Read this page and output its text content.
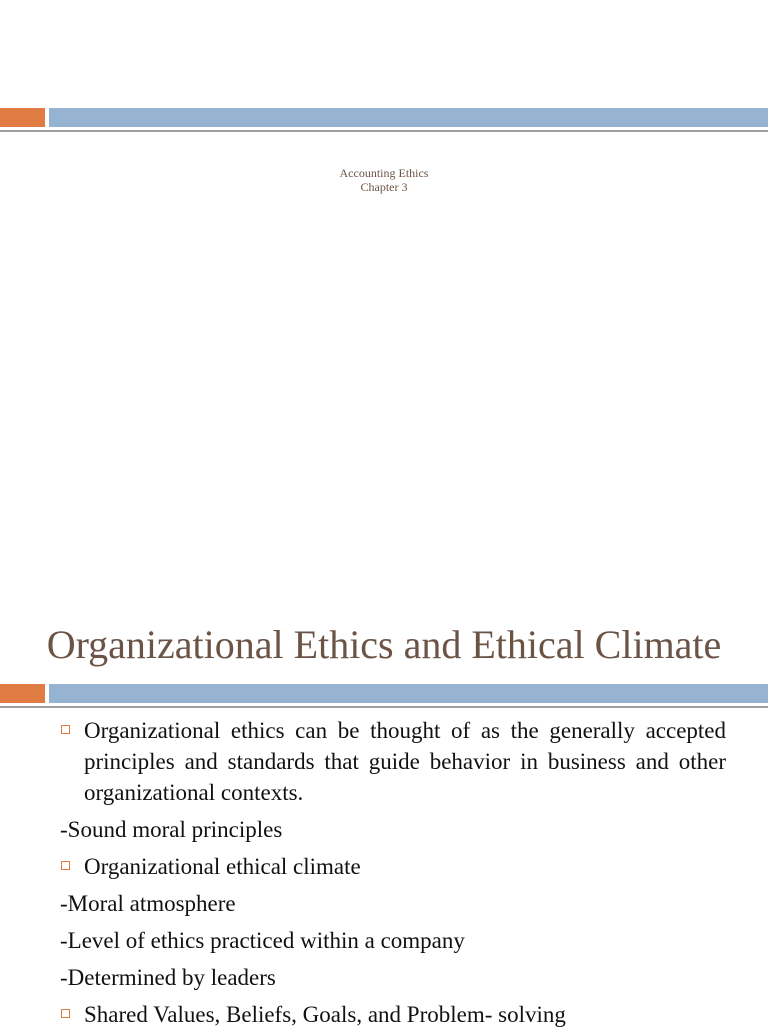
Accounting Ethics
Chapter 3
Organizational Ethics and Ethical Climate
Organizational ethics can be thought of as the generally accepted principles and standards that guide behavior in business and other organizational contexts.
-Sound moral principles
Organizational ethical climate
-Moral atmosphere
-Level of ethics practiced within a company
-Determined by leaders
Shared Values, Beliefs, Goals, and Problem- solving
